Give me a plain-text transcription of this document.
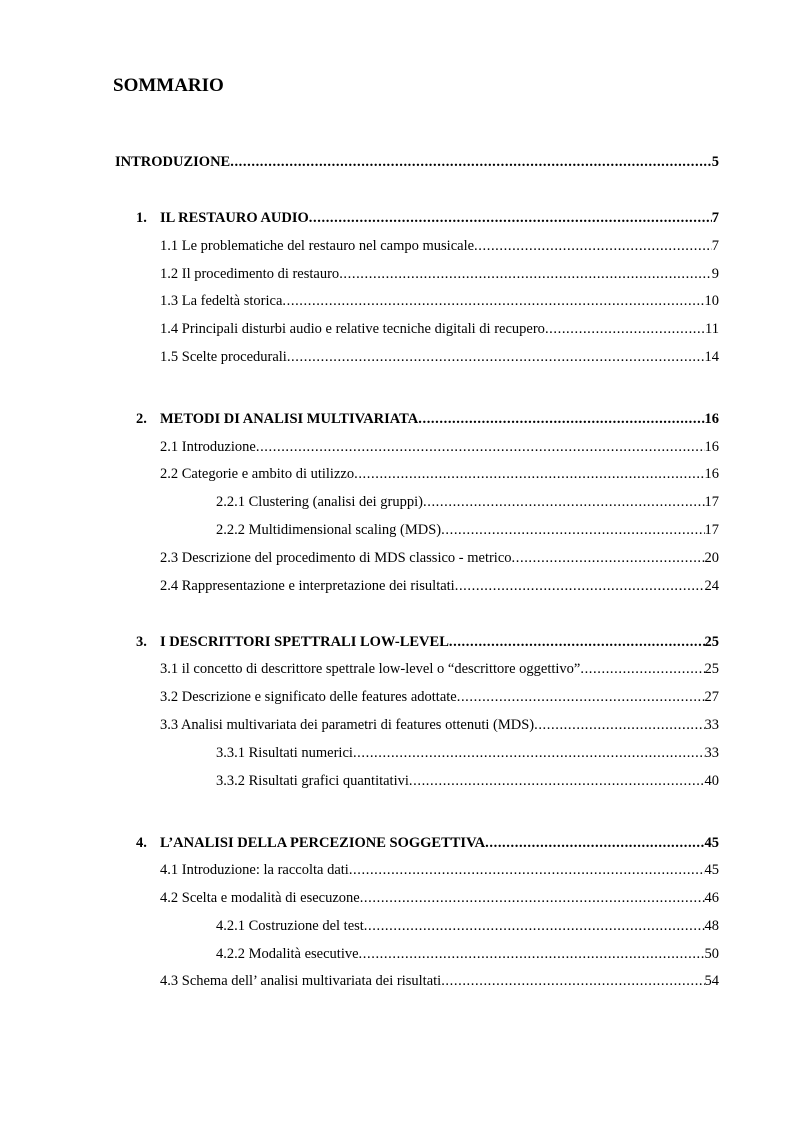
SOMMARIO
INTRODUZIONE .....	5
1. IL RESTAURO AUDIO .....	7
1.1 Le problematiche del restauro nel campo musicale .....	7
1.2 Il procedimento di restauro .....	9
1.3 La fedeltà storica .....	10
1.4 Principali disturbi audio e relative tecniche digitali di recupero .....	11
1.5 Scelte procedurali .....	14
2. METODI DI ANALISI MULTIVARIATA .....	16
2.1 Introduzione .....	16
2.2 Categorie e ambito di utilizzo .....	16
2.2.1 Clustering (analisi dei gruppi) .....	17
2.2.2 Multidimensional scaling (MDS) .....	17
2.3 Descrizione del procedimento di MDS classico - metrico .....	20
2.4 Rappresentazione e interpretazione dei risultati .....	24
3. I DESCRITTORI SPETTRALI LOW-LEVEL .....	25
3.1 il concetto di descrittore spettrale low-level o “descrittore oggettivo” .....	25
3.2 Descrizione e significato delle features adottate .....	27
3.3 Analisi multivariata dei parametri di features ottenuti (MDS) .....	33
3.3.1 Risultati numerici .....	33
3.3.2 Risultati grafici quantitativi .....	40
4. L’ANALISI DELLA PERCEZIONE SOGGETTIVA .....	45
4.1 Introduzione: la raccolta dati .....	45
4.2 Scelta e modalità di esecuzone .....	46
4.2.1 Costruzione del test .....	48
4.2.2 Modalità esecutive .....	50
4.3 Schema dell’ analisi multivariata dei risultati .....	54
